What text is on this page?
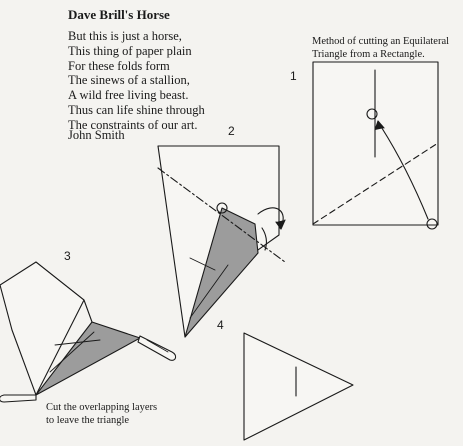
Dave Brill's Horse
But this is just a horse,
This thing of paper plain
For these folds form
The sinews of a stallion,
A wild free living beast.
Thus can life shine through
The constraints of our art.
John Smith
Method of cutting an Equilateral
Triangle from a Rectangle.
1
2
3
4
Cut the overlapping layers
to leave the triangle
